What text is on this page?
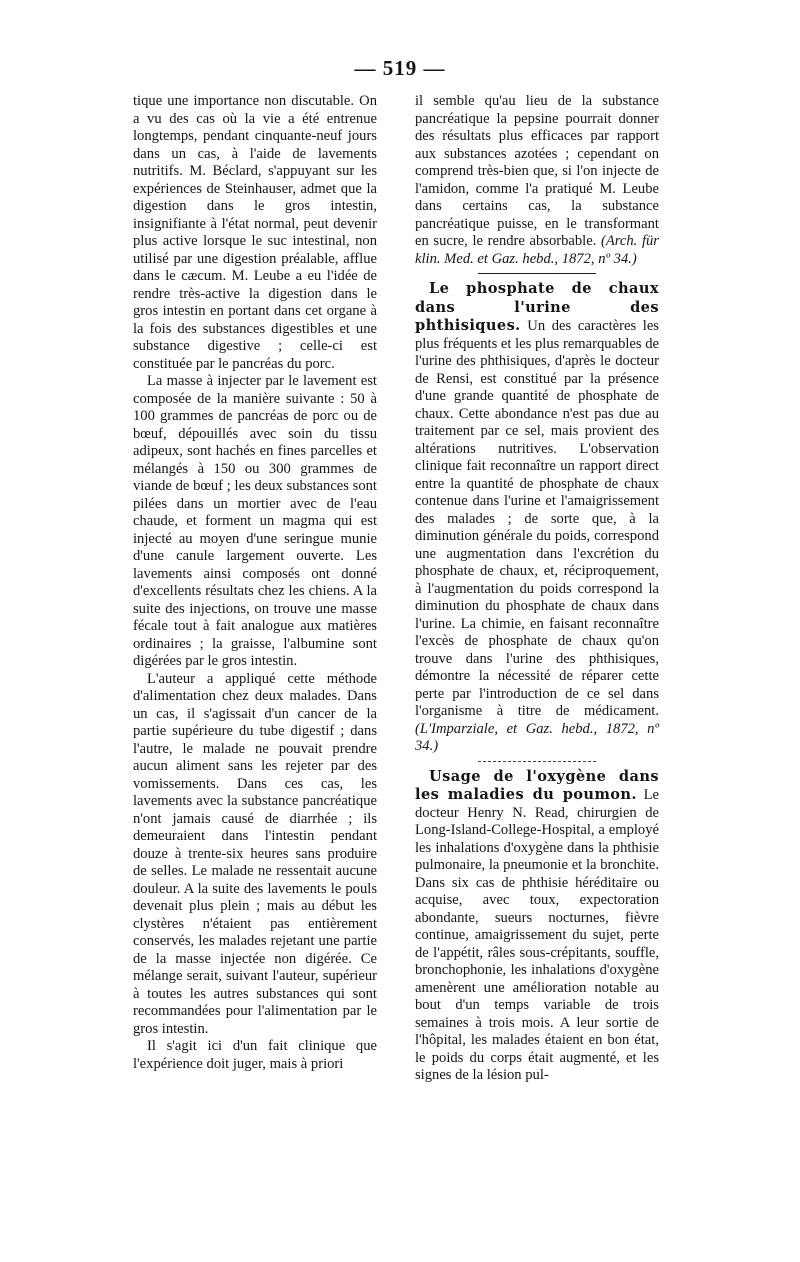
— 519 —

tique une importance non discutable. On a vu des cas où la vie a été entrenue longtemps, pendant cinquante-neuf jours dans un cas, à l'aide de lavements nutritifs. M. Béclard, s'appuyant sur les expériences de Steinhauser, admet que la digestion dans le gros intestin, insignifiante à l'état normal, peut devenir plus active lorsque le suc intestinal, non utilisé par une digestion préalable, afflue dans le cæcum. M. Leube a eu l'idée de rendre très-active la digestion dans le gros intestin en portant dans cet organe à la fois des substances digestibles et une substance digestive ; celle-ci est constituée par le pancréas du porc.

La masse à injecter par le lavement est composée de la manière suivante : 50 à 100 grammes de pancréas de porc ou de bœuf, dépouillés avec soin du tissu adipeux, sont hachés en fines parcelles et mélangés à 150 ou 300 grammes de viande de bœuf ; les deux substances sont pilées dans un mortier avec de l'eau chaude, et forment un magma qui est injecté au moyen d'une seringue munie d'une canule largement ouverte. Les lavements ainsi composés ont donné d'excellents résultats chez les chiens. A la suite des injections, on trouve une masse fécale tout à fait analogue aux matières ordinaires ; la graisse, l'albumine sont digérées par le gros intestin.

L'auteur a appliqué cette méthode d'alimentation chez deux malades. Dans un cas, il s'agissait d'un cancer de la partie supérieure du tube digestif ; dans l'autre, le malade ne pouvait prendre aucun aliment sans les rejeter par des vomissements. Dans ces cas, les lavements avec la substance pancréatique n'ont jamais causé de diarrhée ; ils demeuraient dans l'intestin pendant douze à trente-six heures sans produire de selles. Le malade ne ressentait aucune douleur. A la suite des lavements le pouls devenait plus plein ; mais au début les clystères n'étaient pas entièrement conservés, les malades rejetant une partie de la masse injectée non digérée. Ce mélange serait, suivant l'auteur, supérieur à toutes les autres substances qui sont recommandées pour l'alimentation par le gros intestin.

Il s'agit ici d'un fait clinique que l'expérience doit juger, mais à priori

il semble qu'au lieu de la substance pancréatique la pepsine pourrait donner des résultats plus efficaces par rapport aux substances azotées ; cependant on comprend très-bien que, si l'on injecte de l'amidon, comme l'a pratiqué M. Leube dans certains cas, la substance pancréatique puisse, en le transformant en sucre, le rendre absorbable. (Arch. für klin. Med. et Gaz. hebd., 1872, nº 34.)

Le phosphate de chaux dans l'urine des phthisiques. Un des caractères les plus fréquents et les plus remarquables de l'urine des phthisiques, d'après le docteur de Rensi, est constitué par la présence d'une grande quantité de phosphate de chaux. Cette abondance n'est pas due au traitement par ce sel, mais provient des altérations nutritives. L'observation clinique fait reconnaître un rapport direct entre la quantité de phosphate de chaux contenue dans l'urine et l'amaigrissement des malades ; de sorte que, à la diminution générale du poids, correspond une augmentation dans l'excrétion du phosphate de chaux, et, réciproquement, à l'augmentation du poids correspond la diminution du phosphate de chaux dans l'urine. La chimie, en faisant reconnaître l'excès de phosphate de chaux qu'on trouve dans l'urine des phthisiques, démontre la nécessité de réparer cette perte par l'introduction de ce sel dans l'organisme à titre de médicament. (L'Imparziale, et Gaz. hebd., 1872, nº 34.)

Usage de l'oxygène dans les maladies du poumon. Le docteur Henry N. Read, chirurgien de Long-Island-College-Hospital, a employé les inhalations d'oxygène dans la phthisie pulmonaire, la pneumonie et la bronchite. Dans six cas de phthisie héréditaire ou acquise, avec toux, expectoration abondante, sueurs nocturnes, fièvre continue, amaigrissement du sujet, perte de l'appétit, râles sous-crépitants, souffle, bronchophonie, les inhalations d'oxygène amenèrent une amélioration notable au bout d'un temps variable de trois semaines à trois mois. A leur sortie de l'hôpital, les malades étaient en bon état, le poids du corps était augmenté, et les signes de la lésion pul-
